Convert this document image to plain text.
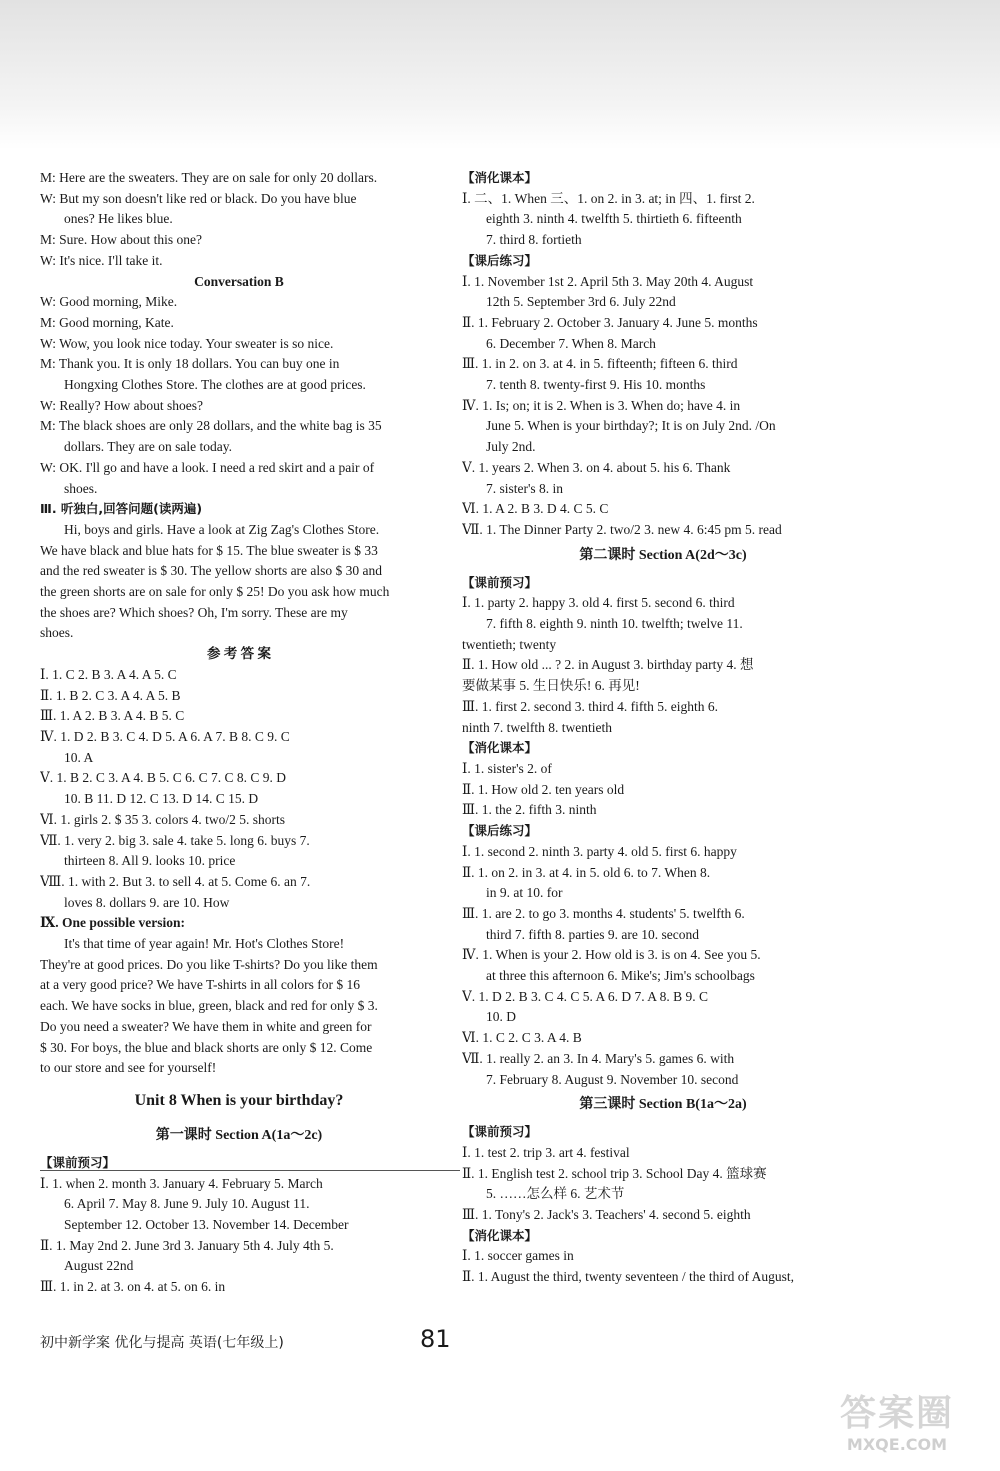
M: Here are the sweaters. They are on sale for only 20 dollars.
W: But my son doesn't like red or black. Do you have blue
ones? He likes blue.
M: Sure. How about this one?
W: It's nice. I'll take it.
Conversation B
W: Good morning, Mike.
M: Good morning, Kate.
W: Wow, you look nice today. Your sweater is so nice.
M: Thank you. It is only 18 dollars. You can buy one in
Hongxing Clothes Store. The clothes are at good prices.
W: Really? How about shoes?
M: The black shoes are only 28 dollars, and the white bag is 35
dollars. They are on sale today.
W: OK. I'll go and have a look. I need a red skirt and a pair of
shoes.
Ⅲ. 听独白,回答问题(读两遍)
Hi, boys and girls. Have a look at Zig Zag's Clothes Store.
We have black and blue hats for $ 15. The blue sweater is $ 33
and the red sweater is $ 30. The yellow shorts are also $ 30 and
the green shorts are on sale for only $ 25! Do you ask how much
the shoes are? Which shoes? Oh, I'm sorry. These are my
shoes.
参 考 答 案
Ⅰ. 1. C 2. B 3. A 4. A 5. C
Ⅱ. 1. B 2. C 3. A 4. A 5. B
Ⅲ. 1. A 2. B 3. A 4. B 5. C
Ⅳ. 1. D 2. B 3. C 4. D 5. A 6. A 7. B 8. C 9. C
10. A
Ⅴ. 1. B 2. C 3. A 4. B 5. C 6. C 7. C 8. C 9. D
10. B 11. D 12. C 13. D 14. C 15. D
Ⅵ. 1. girls 2. $ 35 3. colors 4. two/2 5. shorts
Ⅶ. 1. very 2. big 3. sale 4. take 5. long 6. buys 7.
thirteen 8. All 9. looks 10. price
Ⅷ. 1. with 2. But 3. to sell 4. at 5. Come 6. an 7.
loves 8. dollars 9. are 10. How
Ⅸ. One possible version:
It's that time of year again! Mr. Hot's Clothes Store!
They're at good prices. Do you like T-shirts? Do you like them
at a very good price? We have T-shirts in all colors for $ 16
each. We have socks in blue, green, black and red for only $ 3.
Do you need a sweater? We have them in white and green for
$ 30. For boys, the blue and black shorts are only $ 12. Come
to our store and see for yourself!
Unit 8 When is your birthday?
第一课时 Section A(1a～2c)
【课前预习】
Ⅰ. 1. when 2. month 3. January 4. February 5. March
6. April 7. May 8. June 9. July 10. August 11.
September 12. October 13. November 14. December
Ⅱ. 1. May 2nd 2. June 3rd 3. January 5th 4. July 4th 5.
August 22nd
Ⅲ. 1. in 2. at 3. on 4. at 5. on 6. in
【消化课本】
Ⅰ. 二、1. When 三、1. on 2. in 3. at; in 四、1. first 2.
eighth 3. ninth 4. twelfth 5. thirtieth 6. fifteenth
7. third 8. fortieth
【课后练习】
Ⅰ. 1. November 1st 2. April 5th 3. May 20th 4. August
12th 5. September 3rd 6. July 22nd
Ⅱ. 1. February 2. October 3. January 4. June 5. months
6. December 7. When 8. March
Ⅲ. 1. in 2. on 3. at 4. in 5. fifteenth; fifteen 6. third
7. tenth 8. twenty-first 9. His 10. months
Ⅳ. 1. Is; on; it is 2. When is 3. When do; have 4. in
June 5. When is your birthday?; It is on July 2nd. /On
July 2nd.
Ⅴ. 1. years 2. When 3. on 4. about 5. his 6. Thank
7. sister's 8. in
Ⅵ. 1. A 2. B 3. D 4. C 5. C
Ⅶ. 1. The Dinner Party 2. two/2 3. new 4. 6:45 pm 5. read
第二课时 Section A(2d～3c)
【课前预习】
Ⅰ. 1. party 2. happy 3. old 4. first 5. second 6. third
7. fifth 8. eighth 9. ninth 10. twelfth; twelve 11.
twentieth; twenty
Ⅱ. 1. How old ... ? 2. in August 3. birthday party 4. 想
要做某事 5. 生日快乐! 6. 再见!
Ⅲ. 1. first 2. second 3. third 4. fifth 5. eighth 6.
ninth 7. twelfth 8. twentieth
【消化课本】
Ⅰ. 1. sister's 2. of
Ⅱ. 1. How old 2. ten years old
Ⅲ. 1. the 2. fifth 3. ninth
【课后练习】
Ⅰ. 1. second 2. ninth 3. party 4. old 5. first 6. happy
Ⅱ. 1. on 2. in 3. at 4. in 5. old 6. to 7. When 8.
in 9. at 10. for
Ⅲ. 1. are 2. to go 3. months 4. students' 5. twelfth 6.
third 7. fifth 8. parties 9. are 10. second
Ⅳ. 1. When is your 2. How old is 3. is on 4. See you 5.
at three this afternoon 6. Mike's; Jim's schoolbags
Ⅴ. 1. D 2. B 3. C 4. C 5. A 6. D 7. A 8. B 9. C
10. D
Ⅵ. 1. C 2. C 3. A 4. B
Ⅶ. 1. really 2. an 3. In 4. Mary's 5. games 6. with
7. February 8. August 9. November 10. second
第三课时 Section B(1a～2a)
【课前预习】
Ⅰ. 1. test 2. trip 3. art 4. festival
Ⅱ. 1. English test 2. school trip 3. School Day 4. 篮球赛
5. ……怎么样 6. 艺术节
Ⅲ. 1. Tony's 2. Jack's 3. Teachers' 4. second 5. eighth
【消化课本】
Ⅰ. 1. soccer games in
Ⅱ. 1. August the third, twenty seventeen / the third of August,
初中新学案 优化与提高 英语(七年级上)	81
答案圈
MXQE.COM
